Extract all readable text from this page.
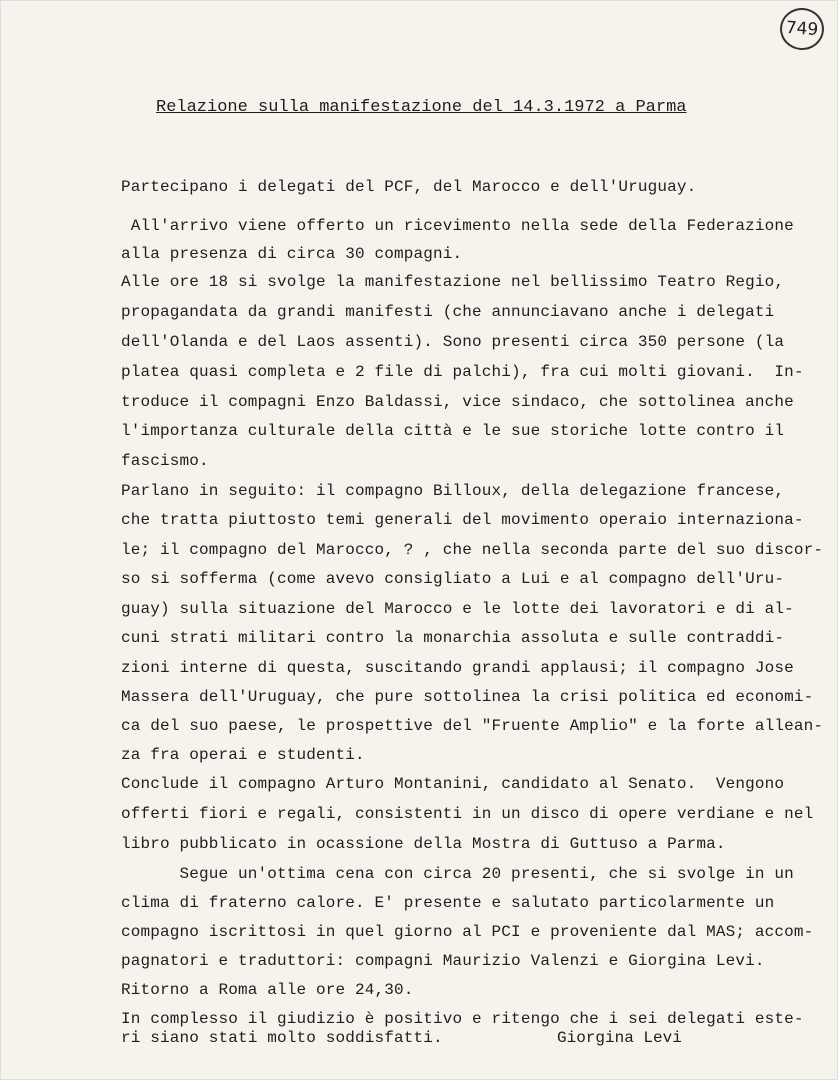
749
Relazione sulla manifestazione del 14.3.1972 a Parma
Partecipano i delegati del PCF, del Marocco e dell'Uruguay.
All'arrivo viene offerto un ricevimento nella sede della Federazione
alla presenza di circa 30 compagni.
Alle ore 18 si svolge la manifestazione nel bellissimo Teatro Regio,
propagandata da grandi manifesti (che annunciavano anche i delegati
dell'Olanda e del Laos assenti). Sono presenti circa 350 persone (la
platea quasi completa e 2 file di palchi), fra cui molti giovani.  In-
troduce il compagni Enzo Baldassi, vice sindaco, che sottolinea anche
l'importanza culturale della città e le sue storiche lotte contro il
fascismo.
Parlano in seguito: il compagno Billoux, della delegazione francese,
che tratta piuttosto temi generali del movimento operaio internaziona-
le; il compagno del Marocco, ? , che nella seconda parte del suo discor-
so si sofferma (come avevo consigliato a Lui e al compagno dell'Uru-
guay) sulla situazione del Marocco e le lotte dei lavoratori e di al-
cuni strati militari contro la monarchia assoluta e sulle contraddi-
zioni interne di questa, suscitando grandi applausi; il compagno Jose
Massera dell'Uruguay, che pure sottolinea la crisi politica ed economi-
ca del suo paese, le prospettive del "Fruente Amplio" e la forte allean-
za fra operai e studenti.
Conclude il compagno Arturo Montanini, candidato al Senato.  Vengono
offerti fiori e regali, consistenti in un disco di opere verdiane e nel
libro pubblicato in ocassione della Mostra di Guttuso a Parma.
Segue un'ottima cena con circa 20 presenti, che si svolge in un
clima di fraterno calore. E' presente e salutato particolarmente un
compagno iscrittosi in quel giorno al PCI e proveniente dal MAS; accom-
pagnatori e traduttori: compagni Maurizio Valenzi e Giorgina Levi.
Ritorno a Roma alle ore 24,30.
In complesso il giudizio è positivo e ritengo che i sei delegati este-
ri siano stati molto soddisfatti.	Giorgina Levi
